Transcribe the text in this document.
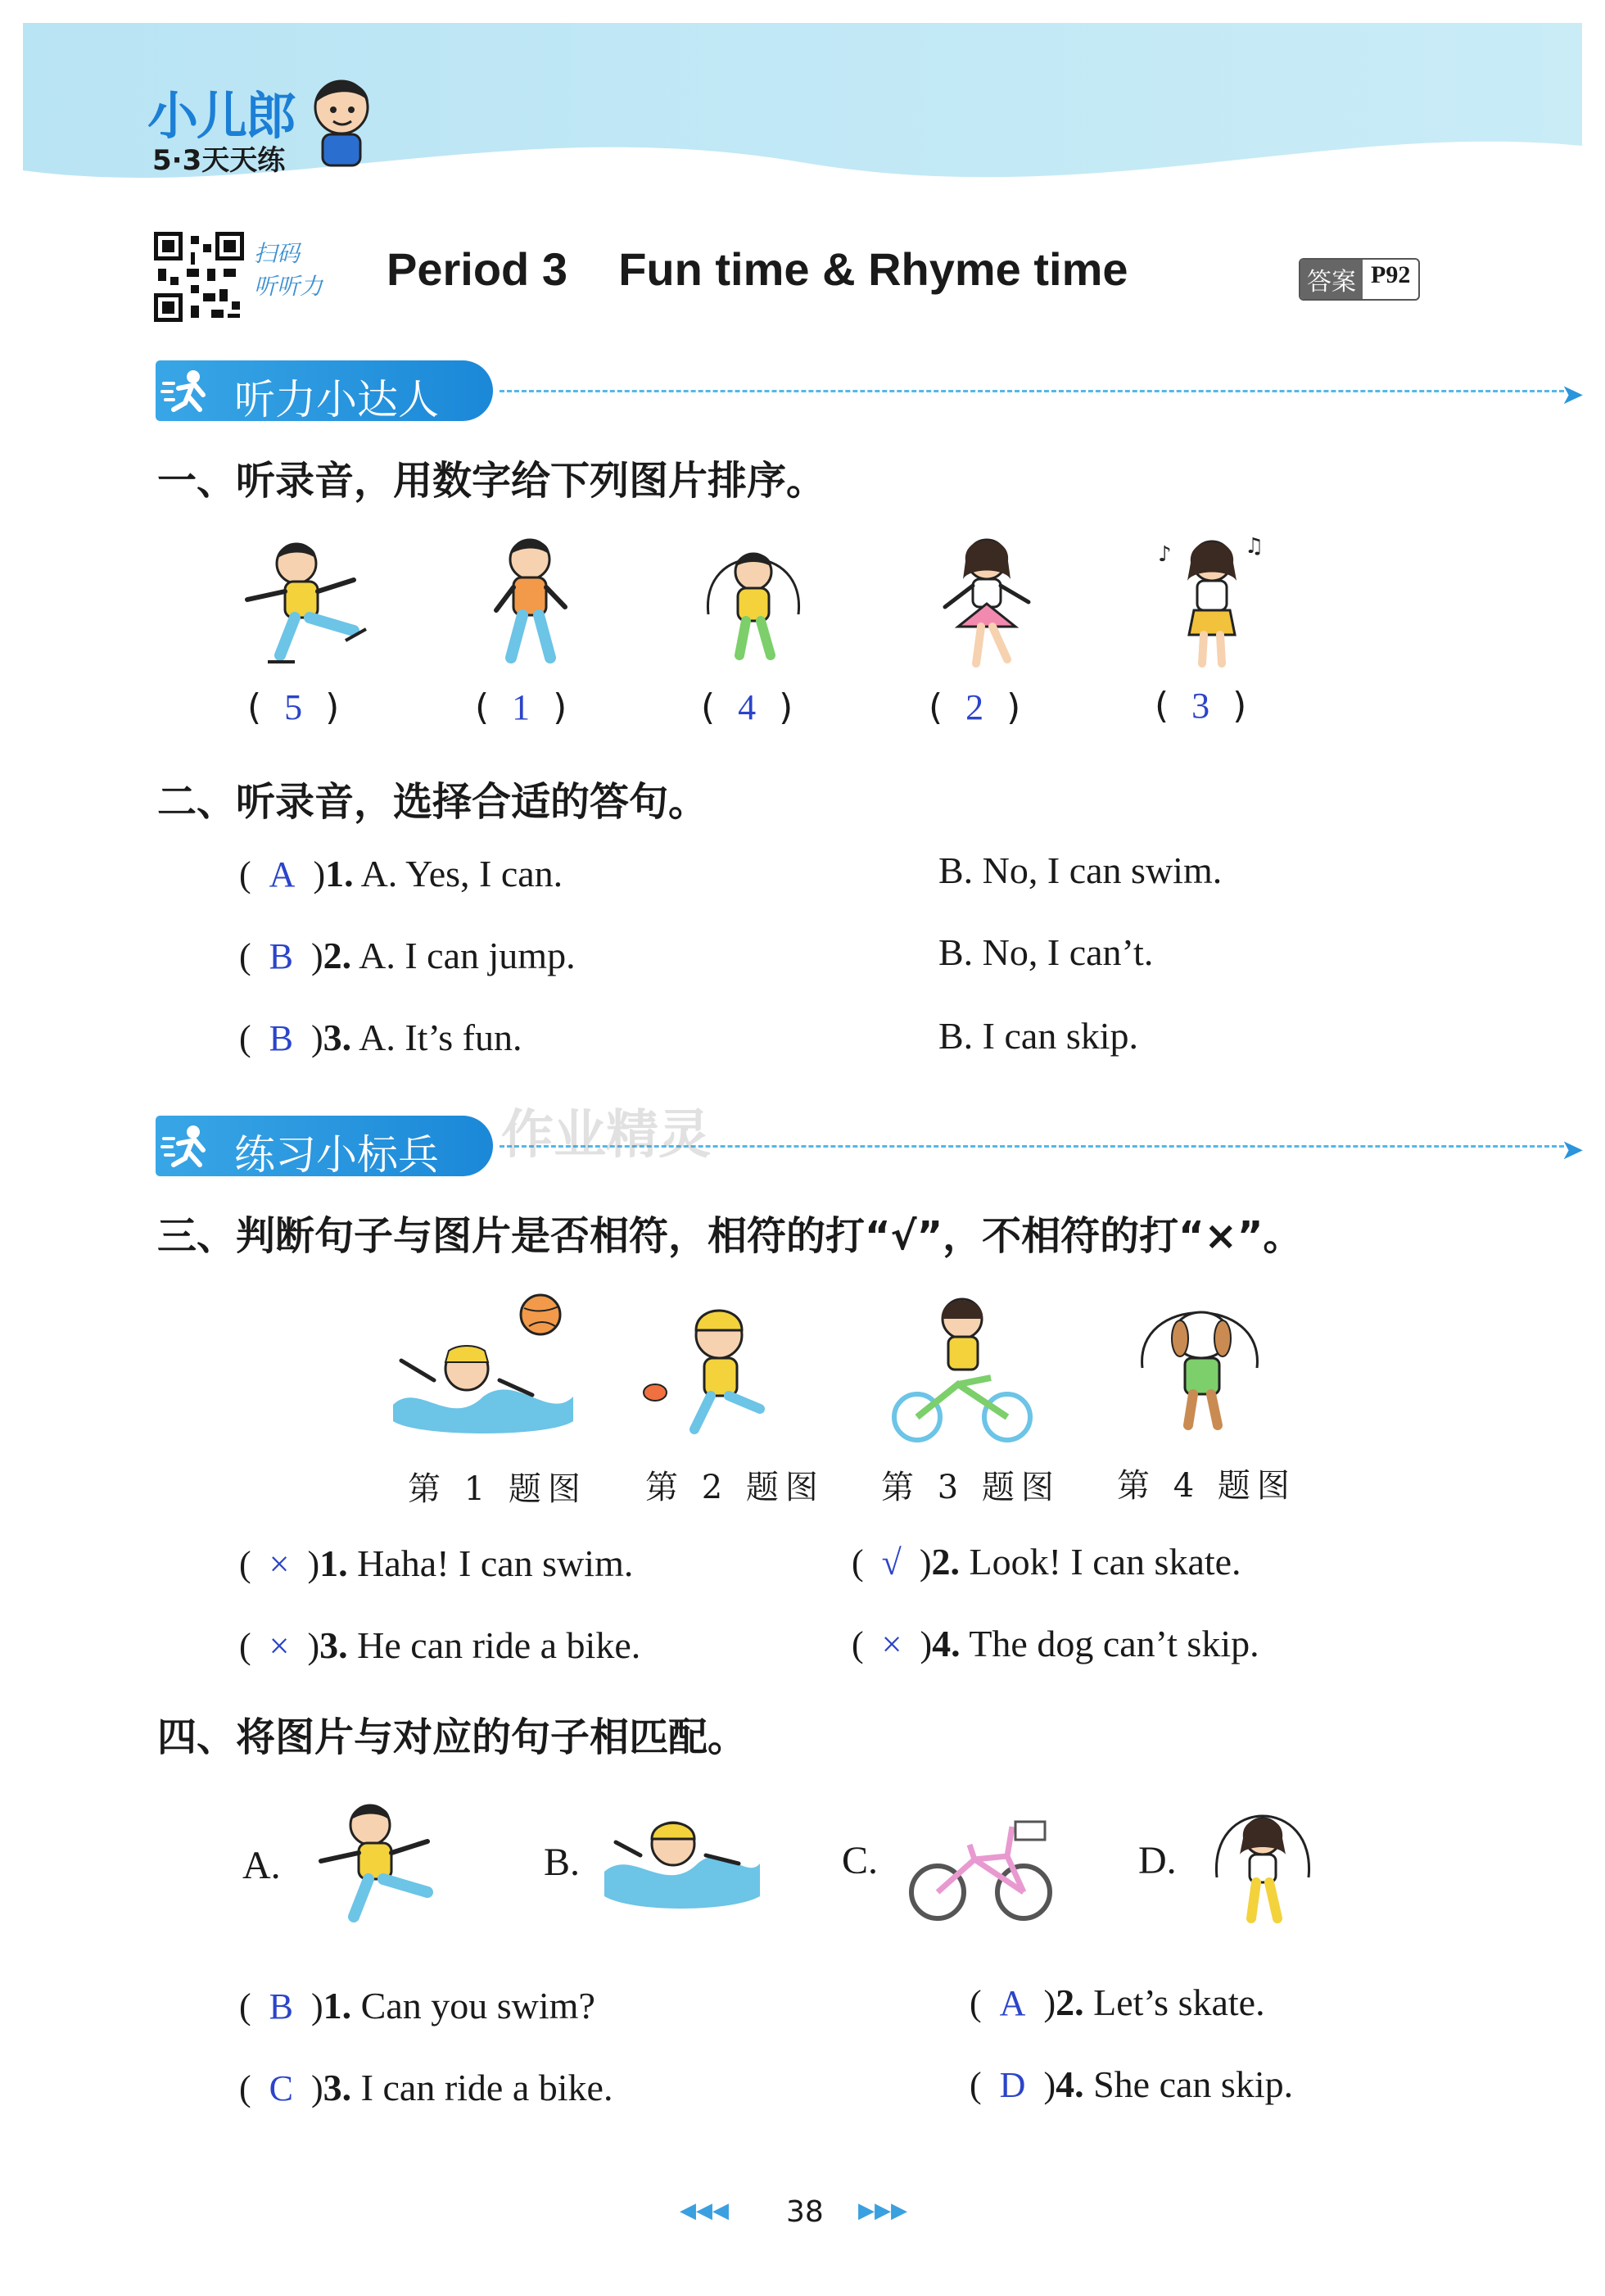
小儿郎
5·3天天练
扫码
听听力 Period 3    Fun time & Rhyme time	答案 P92
听力小达人	➤
一、听录音，用数字给下列图片排序。
♪	♫
(  5  )	(  1  )	(  4  )	(  2  )	(  3  )
二、听录音，选择合适的答句。
(  A  )1. A. Yes, I can.	B. No, I can swim.
(  B  )2. A. I can jump.	B. No, I can’t.
(  B  )3. A. It’s fun.	B. I can skip.
练习小标兵	➤
作业精灵
三、判断句子与图片是否相符，相符的打“√”，不相符的打“×”。
第 1 题图 第 2 题图 第 3 题图 第 4 题图
(  ×  )1. Haha! I can swim.	(  √  )2. Look! I can skate.
(  ×  )3. He can ride a bike.	(  ×  )4. The dog can’t skip.
四、将图片与对应的句子相匹配。
A.	B.	C.	D.
(  B  )1. Can you swim?	(  A  )2. Let’s skate.
(  C  )3. I can ride a bike.	(  D  )4. She can skip.
◀◀◀ 38 ▶▶▶
